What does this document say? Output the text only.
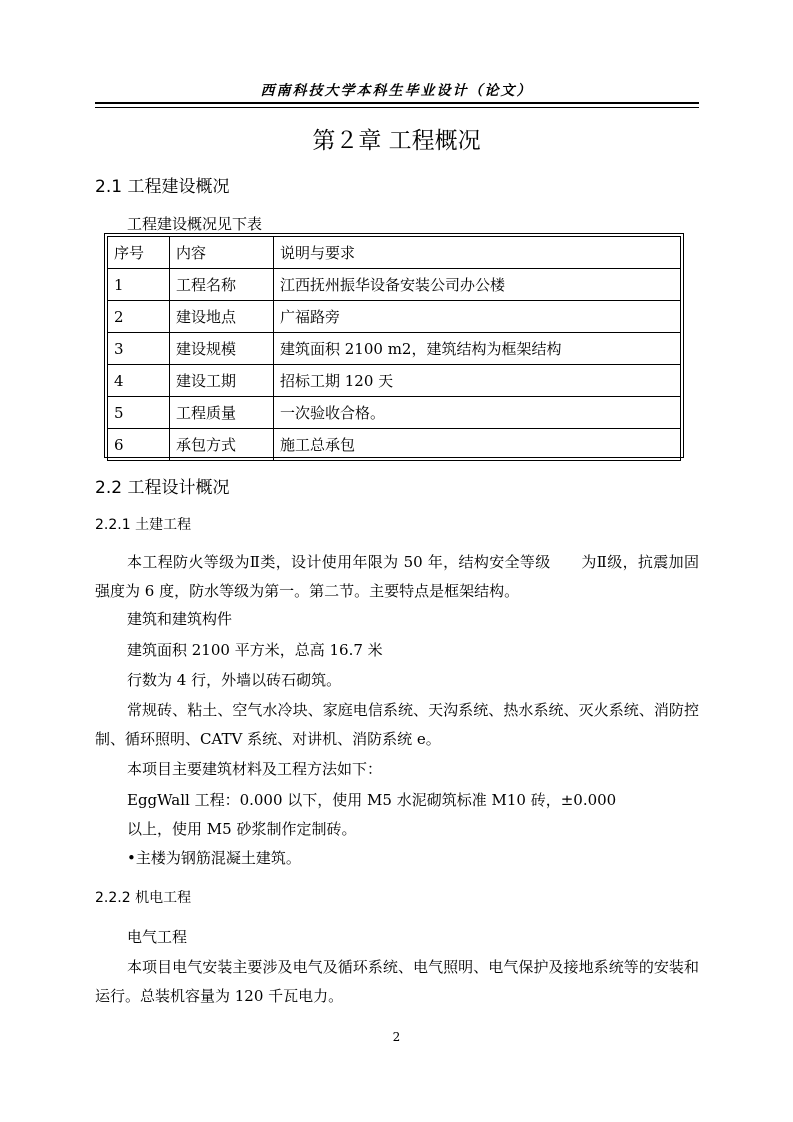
西南科技大学本科生毕业设计（论文）
第２章 工程概况
2.1 工程建设概况
工程建设概况见下表
序号	内容	说明与要求
1	工程名称	江西抚州振华设备安装公司办公楼
2	建设地点	广福路旁
3	建设规模	建筑面积 2100 m2，建筑结构为框架结构
4	建设工期	招标工期 120 天
5	工程质量	一次验收合格。
6	承包方式	施工总承包
2.2 工程设计概况
2.2.1 土建工程
本工程防火等级为Ⅱ类，设计使用年限为 50 年，结构安全等级　　为Ⅱ级，抗震加固强度为 6 度，防水等级为第一。第二节。主要特点是框架结构。
建筑和建筑构件
建筑面积 2100 平方米，总高 16.7 米
行数为 4 行，外墙以砖石砌筑。
常规砖、粘土、空气水冷块、家庭电信系统、天沟系统、热水系统、灭火系统、消防控制、循环照明、CATV 系统、对讲机、消防系统 e。
本项目主要建筑材料及工程方法如下：
EggWall 工程：0.000 以下，使用 M5 水泥砌筑标准 M10 砖，±0.000
以上，使用 M5 砂浆制作定制砖。
•主楼为钢筋混凝土建筑。
2.2.2 机电工程
电气工程
本项目电气安装主要涉及电气及循环系统、电气照明、电气保护及接地系统等的安装和运行。总装机容量为 120 千瓦电力。
2
